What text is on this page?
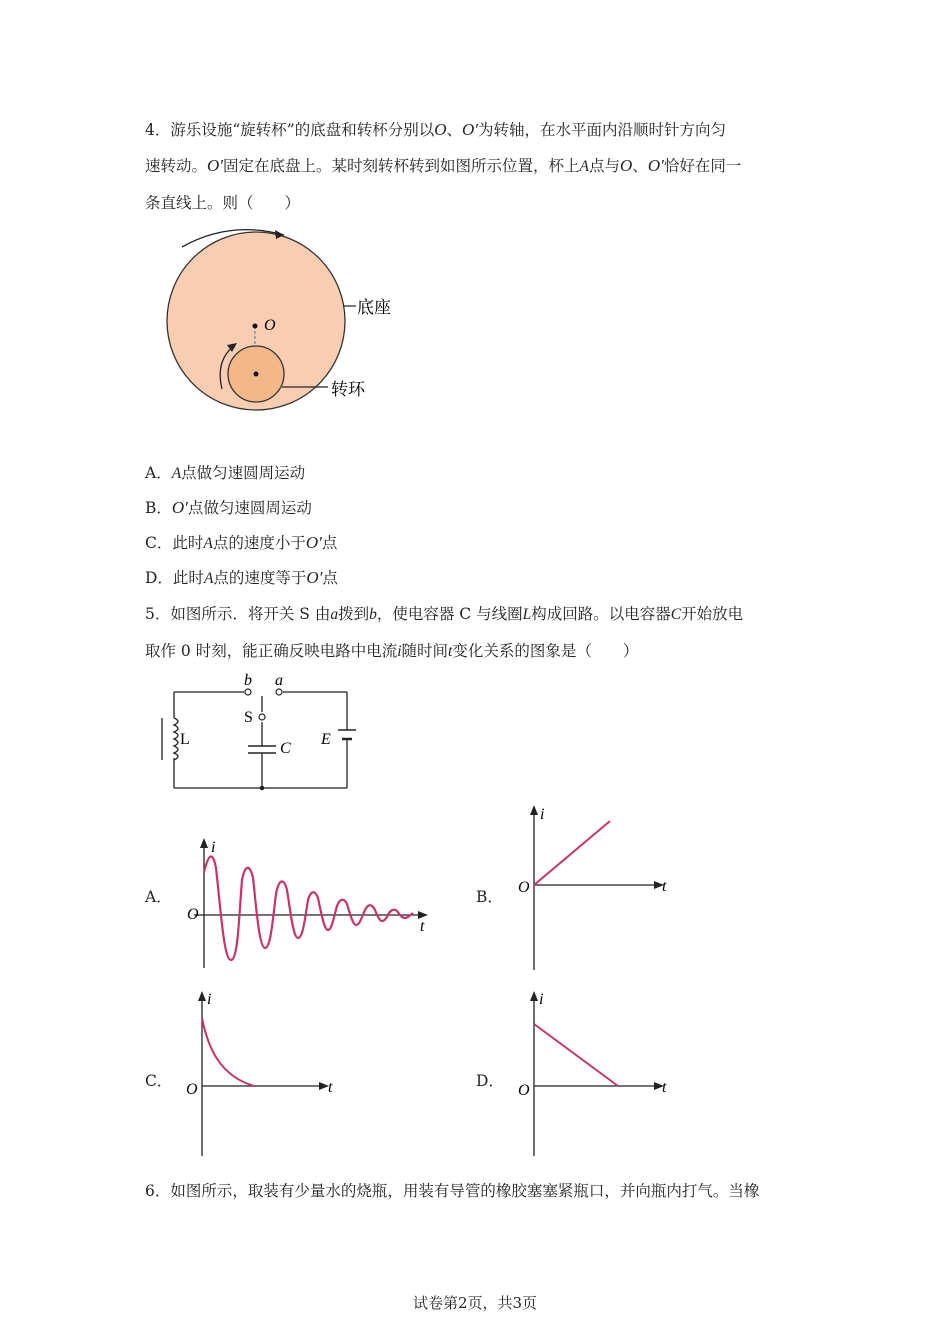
4．游乐设施“旋转杯”的底盘和转杯分别以O、O′为转轴，在水平面内沿顺时针方向匀
速转动。O′固定在底盘上。某时刻转杯转到如图所示位置，杯上A点与O、O′恰好在同一
条直线上。则（　　）
O
底座
转环
A．A点做匀速圆周运动
B．O′点做匀速圆周运动
C．此时A点的速度小于O′点
D．此时A点的速度等于O′点
5．如图所示．将开关 S 由a拨到b，使电容器 C 与线圈L构成回路。以电容器C开始放电
取作 0 时刻，能正确反映电路中电流i随时间t变化关系的图象是（　　）
b a
S
L
C
E
A．
i
t
O
B．
i
t
O
C．
i
t
O	D．
i
t
O
6．如图所示，取装有少量水的烧瓶，用装有导管的橡胶塞塞紧瓶口，并向瓶内打气。当橡
试卷第2页，共3页
